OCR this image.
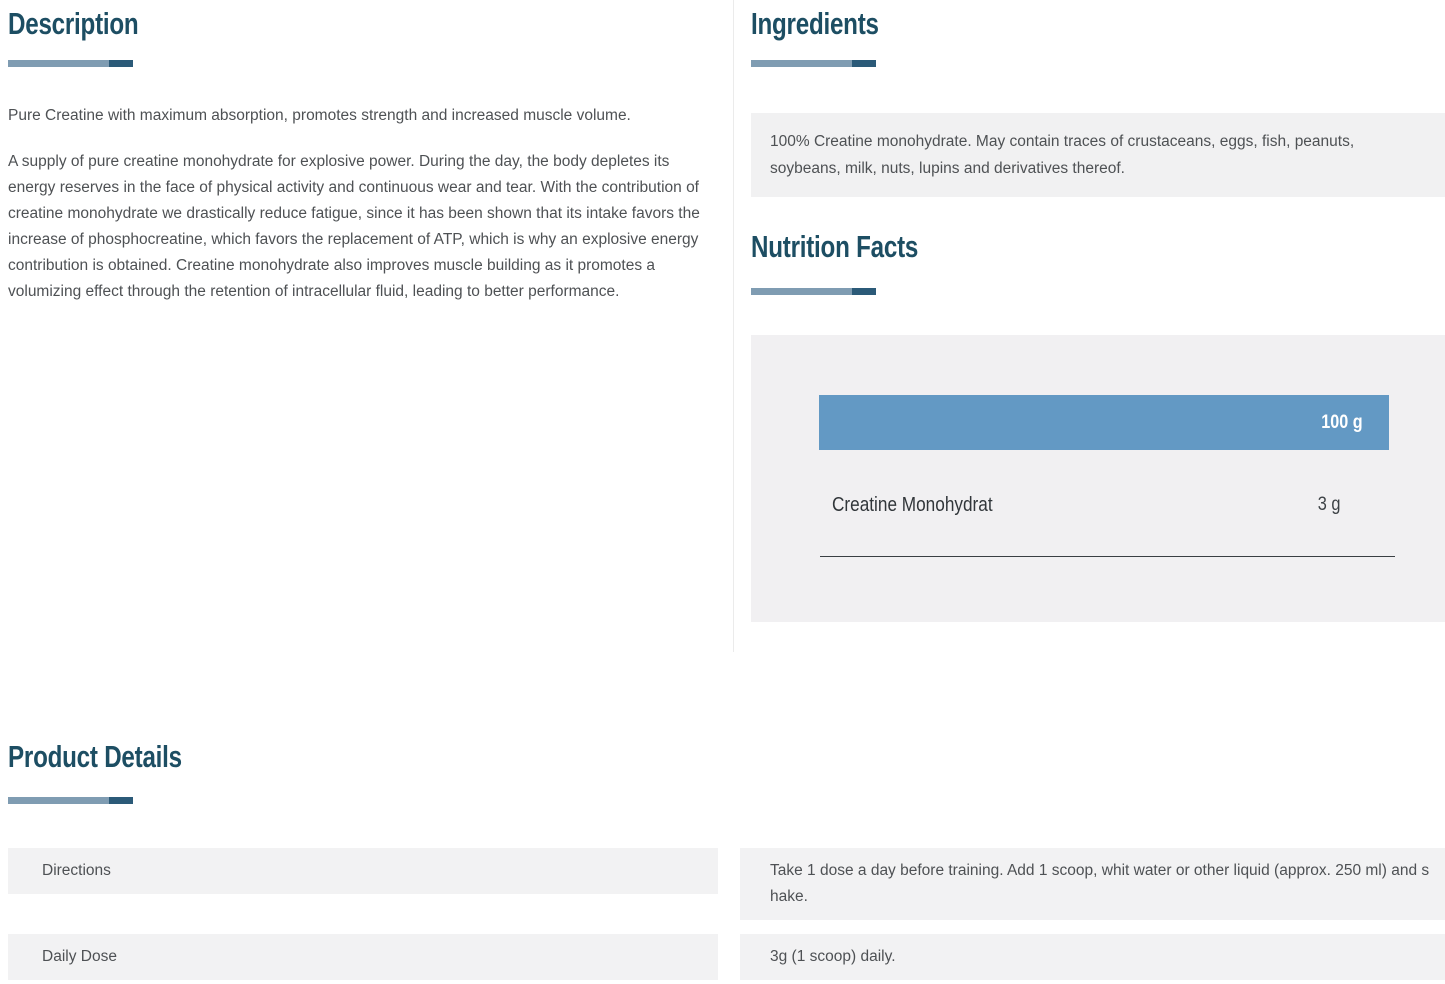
Description

Pure Creatine with maximum absorption, promotes strength and increased muscle volume.

A supply of pure creatine monohydrate for explosive power. During the day, the body depletes its energy reserves in the face of physical activity and continuous wear and tear. With the contribution of creatine monohydrate we drastically reduce fatigue, since it has been shown that its intake favors the increase of phosphocreatine, which favors the replacement of ATP, which is why an explosive energy contribution is obtained. Creatine monohydrate also improves muscle building as it promotes a volumizing effect through the retention of intracellular fluid, leading to better performance.

Ingredients
100% Creatine monohydrate. May contain traces of crustaceans, eggs, fish, peanuts, soybeans, milk, nuts, lupins and derivatives thereof.
Nutrition Facts
100 g
Creatine Monohydrat	3 g
Product Details
Directions	Take 1 dose a day before training. Add 1 scoop, whit water or other liquid (approx. 250 ml) and shake.
Daily Dose	3g (1 scoop) daily.
